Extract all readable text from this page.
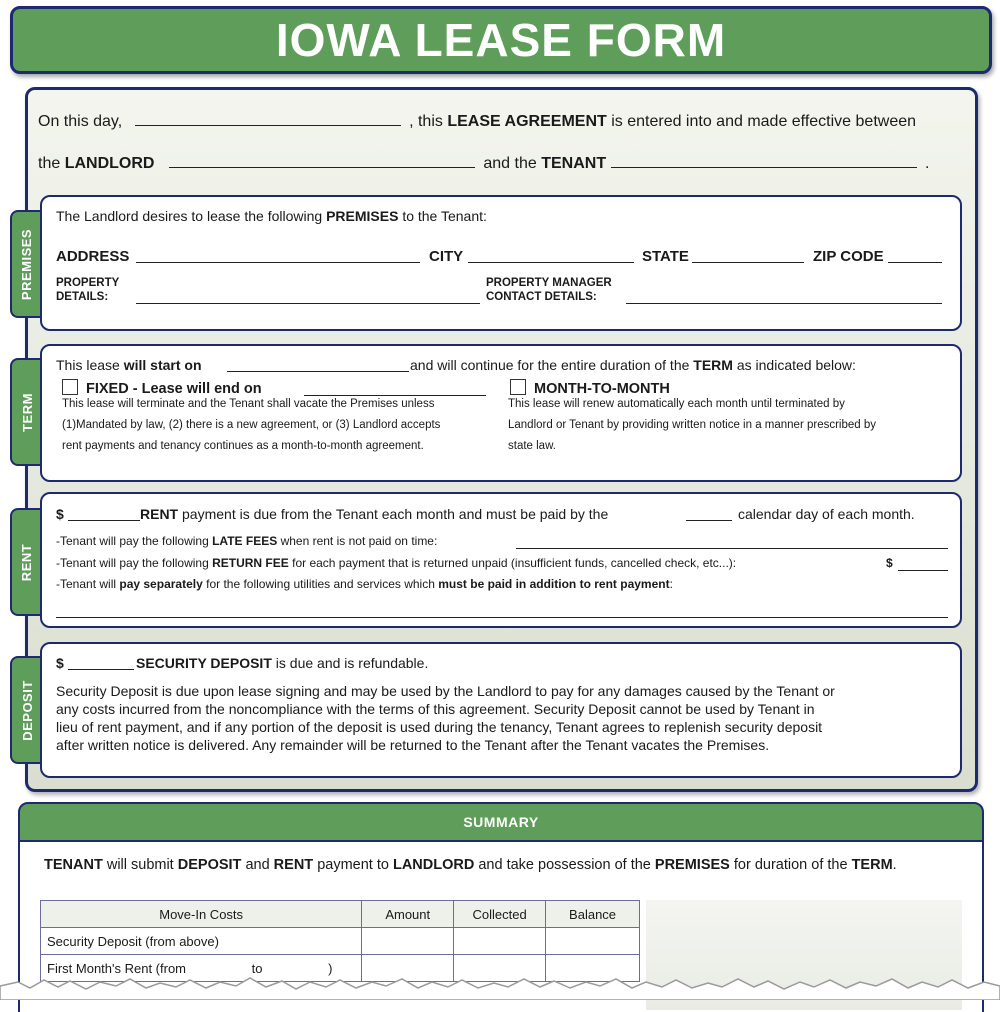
IOWA LEASE FORM
On this day,	, this LEASE AGREEMENT is entered into and made effective between
the LANDLORD	and the TENANT	.
PREMISES
The Landlord desires to lease the following PREMISES to the Tenant:
ADDRESS	CITY	STATE	ZIP CODE
PROPERTY
DETAILS:
PROPERTY MANAGER
CONTACT DETAILS:
TERM
This lease will start on	and will continue for the entire duration of the TERM as indicated below:
FIXED - Lease will end on
This lease will terminate and the Tenant shall vacate the Premises unless
(1)Mandated by law, (2) there is a new agreement, or (3) Landlord accepts
rent payments and tenancy continues as a month-to-month agreement.
MONTH-TO-MONTH
This lease will renew automatically each month until terminated by
Landlord or Tenant by providing written notice in a manner prescribed by
state law.
RENT
$	RENT payment is due from the Tenant each month and must be paid by the	calendar day of each month.
-Tenant will pay the following LATE FEES when rent is not paid on time:
-Tenant will pay the following RETURN FEE for each payment that is returned unpaid (insufficient funds, cancelled check, etc...):	$
-Tenant will pay separately for the following utilities and services which must be paid in addition to rent payment:
DEPOSIT
$	SECURITY DEPOSIT is due and is refundable.
Security Deposit is due upon lease signing and may be used by the Landlord to pay for any damages caused by the Tenant or
any costs incurred from the noncompliance with the terms of this agreement. Security Deposit cannot be used by Tenant in
lieu of rent payment, and if any portion of the deposit is used during the tenancy, Tenant agrees to replenish security deposit
after written notice is delivered. Any remainder will be returned to the Tenant after the Tenant vacates the Premises.
SUMMARY
TENANT will submit DEPOSIT and RENT payment to LANDLORD and take possession of the PREMISES for duration of the TERM.
Move-In Costs	Amount	Collected	Balance
Security Deposit (from above)			
First Month's Rent (from to )			
